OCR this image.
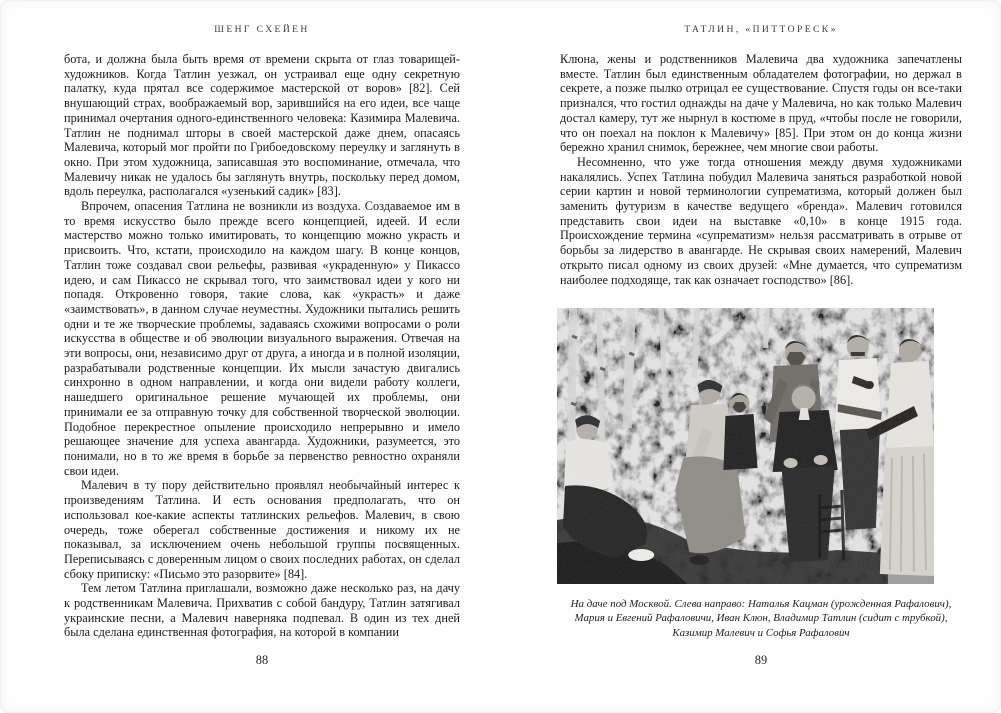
ШЕНГ СХЕЙЕН

бота, и должна была быть время от времени скрыта от глаз товарищей-художников. Когда Татлин уезжал, он устраивал еще одну секретную палатку, куда прятал все содержимое мастерской от воров» [82]. Сей внушающий страх, воображаемый вор, зарившийся на его идеи, все чаще принимал очертания одного-единственного человека: Казимира Малевича. Татлин не поднимал шторы в своей мастерской даже днем, опасаясь Малевича, который мог пройти по Грибоедовскому переулку и заглянуть в окно. При этом художница, записавшая это воспоминание, отмечала, что Малевичу никак не удалось бы заглянуть внутрь, поскольку перед домом, вдоль переулка, располагался «узенький садик» [83].

Впрочем, опасения Татлина не возникли из воздуха. Создаваемое им в то время искусство было прежде всего концепцией, идеей. И если мастерство можно только имитировать, то концепцию можно украсть и присвоить. Что, кстати, происходило на каждом шагу. В конце концов, Татлин тоже создавал свои рельефы, развивая «украденную» у Пикассо идею, и сам Пикассо не скрывал того, что заимствовал идеи у кого ни попадя. Откровенно говоря, такие слова, как «украсть» и даже «заимствовать», в данном случае неуместны. Художники пытались решить одни и те же творческие проблемы, задаваясь схожими вопросами о роли искусства в обществе и об эволюции визуального выражения. Отвечая на эти вопросы, они, независимо друг от друга, а иногда и в полной изоляции, разрабатывали родственные концепции. Их мысли зачастую двигались синхронно в одном направлении, и когда они видели работу коллеги, нашедшего оригинальное решение мучающей их проблемы, они принимали ее за отправную точку для собственной творческой эволюции. Подобное перекрестное опыление происходило непрерывно и имело решающее значение для успеха авангарда. Художники, разумеется, это понимали, но в то же время в борьбе за первенство ревностно охраняли свои идеи.

Малевич в ту пору действительно проявлял необычайный интерес к произведениям Татлина. И есть основания предполагать, что он использовал кое-какие аспекты татлинских рельефов. Малевич, в свою очередь, тоже оберегал собственные достижения и никому их не показывал, за исключением очень небольшой группы посвященных. Переписываясь с доверенным лицом о своих последних работах, он сделал сбоку приписку: «Письмо это разорвите» [84].

Тем летом Татлина приглашали, возможно даже несколько раз, на дачу к родственникам Малевича. Прихватив с собой бандуру, Татлин затягивал украинские песни, а Малевич наверняка подпевал. В один из тех дней была сделана единственная фотография, на которой в компании

88
ТАТЛИН, «ПИТТОРЕСК»

Клюна, жены и родственников Малевича два художника запечатлены вместе. Татлин был единственным обладателем фотографии, но держал в секрете, а позже пылко отрицал ее существование. Спустя годы он все-таки признался, что гостил однажды на даче у Малевича, но как только Малевич достал камеру, тут же нырнул в костюме в пруд, «чтобы после не говорили, что он поехал на поклон к Малевичу» [85]. При этом он до конца жизни бережно хранил снимок, бережнее, чем многие свои работы.

Несомненно, что уже тогда отношения между двумя художниками накалялись. Успех Татлина побудил Малевича заняться разработкой новой серии картин и новой терминологии супрематизма, который должен был заменить футуризм в качестве ведущего «бренда». Малевич готовился представить свои идеи на выставке «0,10» в конце 1915 года. Происхождение термина «супрематизм» нельзя рассматривать в отрыве от борьбы за лидерство в авангарде. Не скрывая своих намерений, Малевич открыто писал одному из своих друзей: «Мне думается, что супрематизм наиболее подходяще, так как означает господство» [86].

На даче под Москвой. Слева направо: Наталья Кацман (урожденная Рафалович), Мария и Евгений Рафаловичи, Иван Клюн, Владимир Татлин (сидит с трубкой), Казимир Малевич и Софья Рафалович
89
